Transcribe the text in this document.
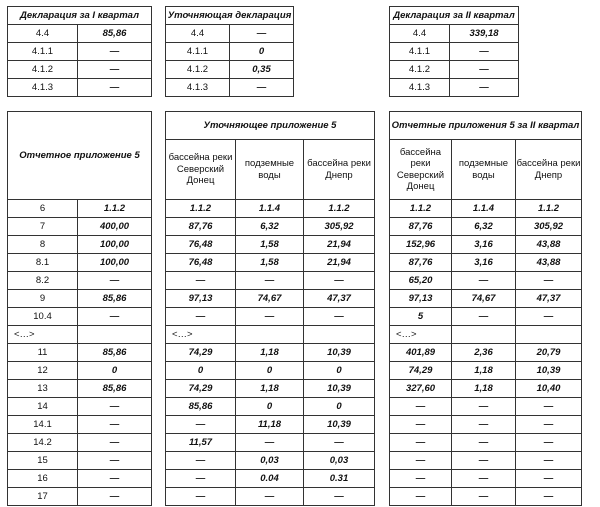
Декларация за I квартал	
4.4	85,86
4.1.1	—
4.1.2	—
4.1.3	—
Уточняющая декларация	
4.4	—
4.1.1	0
4.1.2	0,35
4.1.3	—
Декларация за II квартал	
4.4	339,18
4.1.1	—
4.1.2	—
4.1.3	—
Отчетное приложение 5	
6	1.1.2
7	400,00
8	100,00
8.1	100,00
8.2	—
9	85,86
10.4	—
<…>	
11	85,86
12	0
13	85,86
14	—
14.1	—
14.2	—
15	—
16	—
17	—
Уточняющее приложение 5		
бассейна реки Северский Донец	подземные воды	бассейна реки Днепр
1.1.2	1.1.4	1.1.2
87,76	6,32	305,92
76,48	1,58	21,94
76,48	1,58	21,94
—	—	—
97,13	74,67	47,37
—	—	—
<…>		
74,29	1,18	10,39
0	0	0
74,29	1,18	10,39
85,86	0	0
—	11,18	10,39
11,57	—	—
—	0,03	0,03
—	0.04	0.31
—	—	—
Отчетные приложения 5 за II квартал		
бассейна реки Северский Донец	подземные воды	бассейна реки Днепр
1.1.2	1.1.4	1.1.2
87,76	6,32	305,92
152,96	3,16	43,88
87,76	3,16	43,88
65,20	—	—
97,13	74,67	47,37
5	—	—
<…>		
401,89	2,36	20,79
74,29	1,18	10,39
327,60	1,18	10,40
—	—	—
—	—	—
—	—	—
—	—	—
—	—	—
—	—	—
